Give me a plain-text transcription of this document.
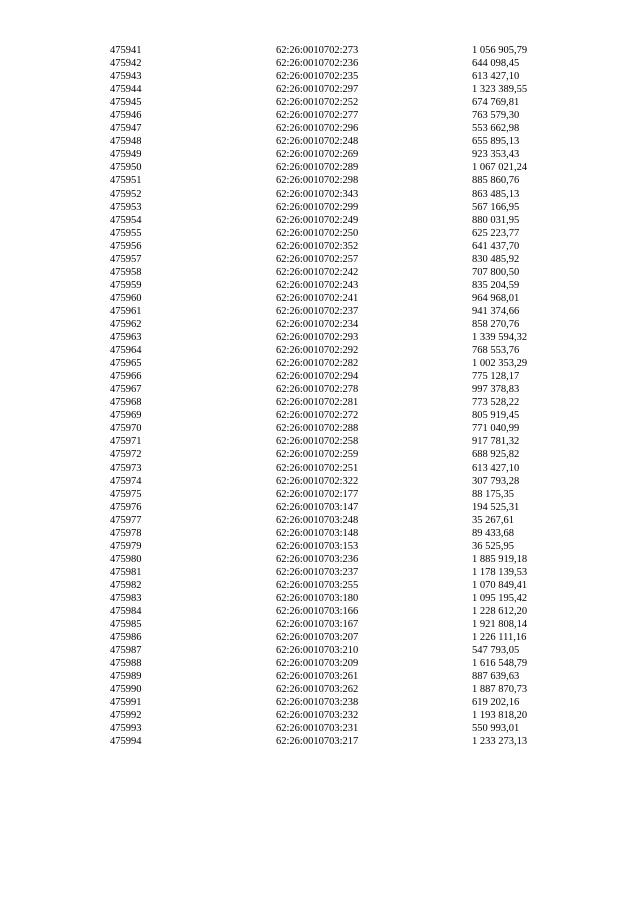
475941	62:26:0010702:273	1 056 905,79
475942	62:26:0010702:236	644 098,45
475943	62:26:0010702:235	613 427,10
475944	62:26:0010702:297	1 323 389,55
475945	62:26:0010702:252	674 769,81
475946	62:26:0010702:277	763 579,30
475947	62:26:0010702:296	553 662,98
475948	62:26:0010702:248	655 895,13
475949	62:26:0010702:269	923 353,43
475950	62:26:0010702:289	1 067 021,24
475951	62:26:0010702:298	885 860,76
475952	62:26:0010702:343	863 485,13
475953	62:26:0010702:299	567 166,95
475954	62:26:0010702:249	880 031,95
475955	62:26:0010702:250	625 223,77
475956	62:26:0010702:352	641 437,70
475957	62:26:0010702:257	830 485,92
475958	62:26:0010702:242	707 800,50
475959	62:26:0010702:243	835 204,59
475960	62:26:0010702:241	964 968,01
475961	62:26:0010702:237	941 374,66
475962	62:26:0010702:234	858 270,76
475963	62:26:0010702:293	1 339 594,32
475964	62:26:0010702:292	768 553,76
475965	62:26:0010702:282	1 002 353,29
475966	62:26:0010702:294	775 128,17
475967	62:26:0010702:278	997 378,83
475968	62:26:0010702:281	773 528,22
475969	62:26:0010702:272	805 919,45
475970	62:26:0010702:288	771 040,99
475971	62:26:0010702:258	917 781,32
475972	62:26:0010702:259	688 925,82
475973	62:26:0010702:251	613 427,10
475974	62:26:0010702:322	307 793,28
475975	62:26:0010702:177	88 175,35
475976	62:26:0010703:147	194 525,31
475977	62:26:0010703:248	35 267,61
475978	62:26:0010703:148	89 433,68
475979	62:26:0010703:153	36 525,95
475980	62:26:0010703:236	1 885 919,18
475981	62:26:0010703:237	1 178 139,53
475982	62:26:0010703:255	1 070 849,41
475983	62:26:0010703:180	1 095 195,42
475984	62:26:0010703:166	1 228 612,20
475985	62:26:0010703:167	1 921 808,14
475986	62:26:0010703:207	1 226 111,16
475987	62:26:0010703:210	547 793,05
475988	62:26:0010703:209	1 616 548,79
475989	62:26:0010703:261	887 639,63
475990	62:26:0010703:262	1 887 870,73
475991	62:26:0010703:238	619 202,16
475992	62:26:0010703:232	1 193 818,20
475993	62:26:0010703:231	550 993,01
475994	62:26:0010703:217	1 233 273,13
